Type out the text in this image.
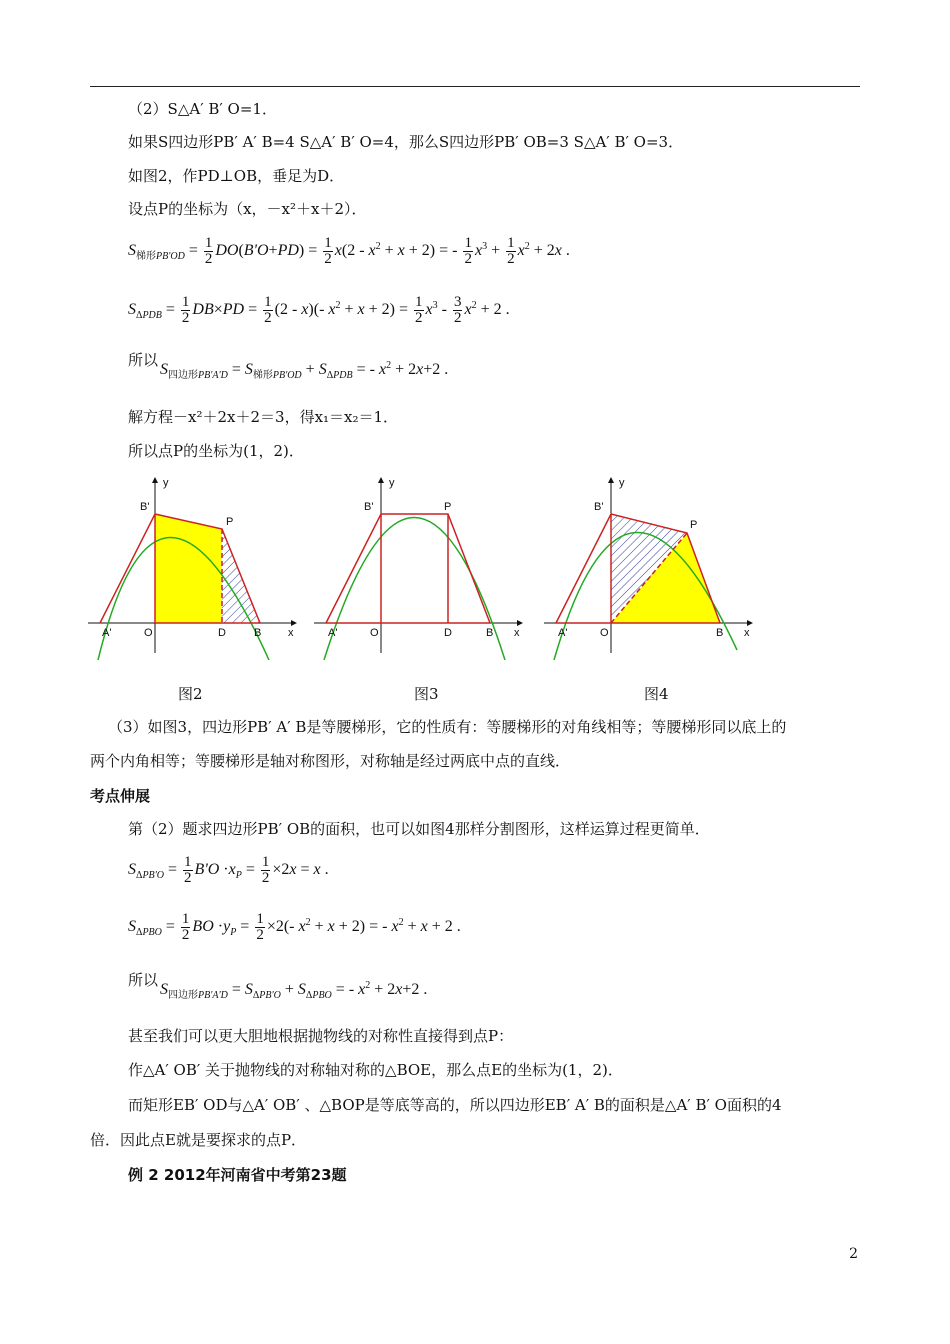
（2）S△A′ B′ O=1．
如果S四边形PB′ A′ B=4 S△A′ B′ O=4，那么S四边形PB′ OB=3 S△A′ B′ O=3．
如图2，作PD⊥OB，垂足为D．
设点P的坐标为（x，－x²＋x＋2）．
$S_{梯形PB'OD} = \frac{1}{2} DO(B'O+PD) = \frac{1}{2} x(2 - x^2 + x + 2)$ = - $\frac{1}{2} x^3 + \frac{1}{2} x^2 + 2x$ .
$S_{\Delta PDB} = \frac{1}{2} DB\times PD = \frac{1}{2} (2 - x)(-$ $x^2 + x + 2) = \frac{1}{2} x^3 - \frac{3}{2} x^2 + 2$ .
所以
$S_{四边形PB'A'D} = S_{梯形PB'OD} + S_{\Delta PDB}$ = - $x^2 + 2x+2$ .
解方程－x²＋2x＋2＝3，得x₁＝x₂＝1．
所以点P的坐标为(1，2)．
y
B'
P
A'	O	D	B x
y
B'	P
A'	O	D	B x
y
B'
P
A'	O	B x
图2	图3	图4
（3）如图3，四边形PB′ A′ B是等腰梯形，它的性质有：等腰梯形的对角线相等；等腰梯形同以底上的
两个内角相等；等腰梯形是轴对称图形，对称轴是经过两底中点的直线．
考点伸展
第（2）题求四边形PB′ OB的面积，也可以如图4那样分割图形，这样运算过程更简单．
$S_{\Delta PB'O} = \frac{1}{2} B'O \cdot x_P = \frac{1}{2} \times 2x = x$ .
$S_{\Delta PBO} = \frac{1}{2}$ BO $\cdot y_P = \frac{1}{2} \times 2(-$ $x^2 + x + 2$) = - $x^2 + x + 2$ .
所以
$S_{四边形PB'A'D} = S_{\Delta PB'O} + S_{\Delta PBO}$ = - $x^2 + 2x+2$ .
甚至我们可以更大胆地根据抛物线的对称性直接得到点P：
作△A′ OB′ 关于抛物线的对称轴对称的△BOE，那么点E的坐标为(1，2)．
而矩形EB′ OD与△A′ OB′ 、△BOP是等底等高的，所以四边形EB′ A′ B的面积是△A′ B′ O面积的4
倍．因此点E就是要探求的点P．
例 2 2012年河南省中考第23题
2
